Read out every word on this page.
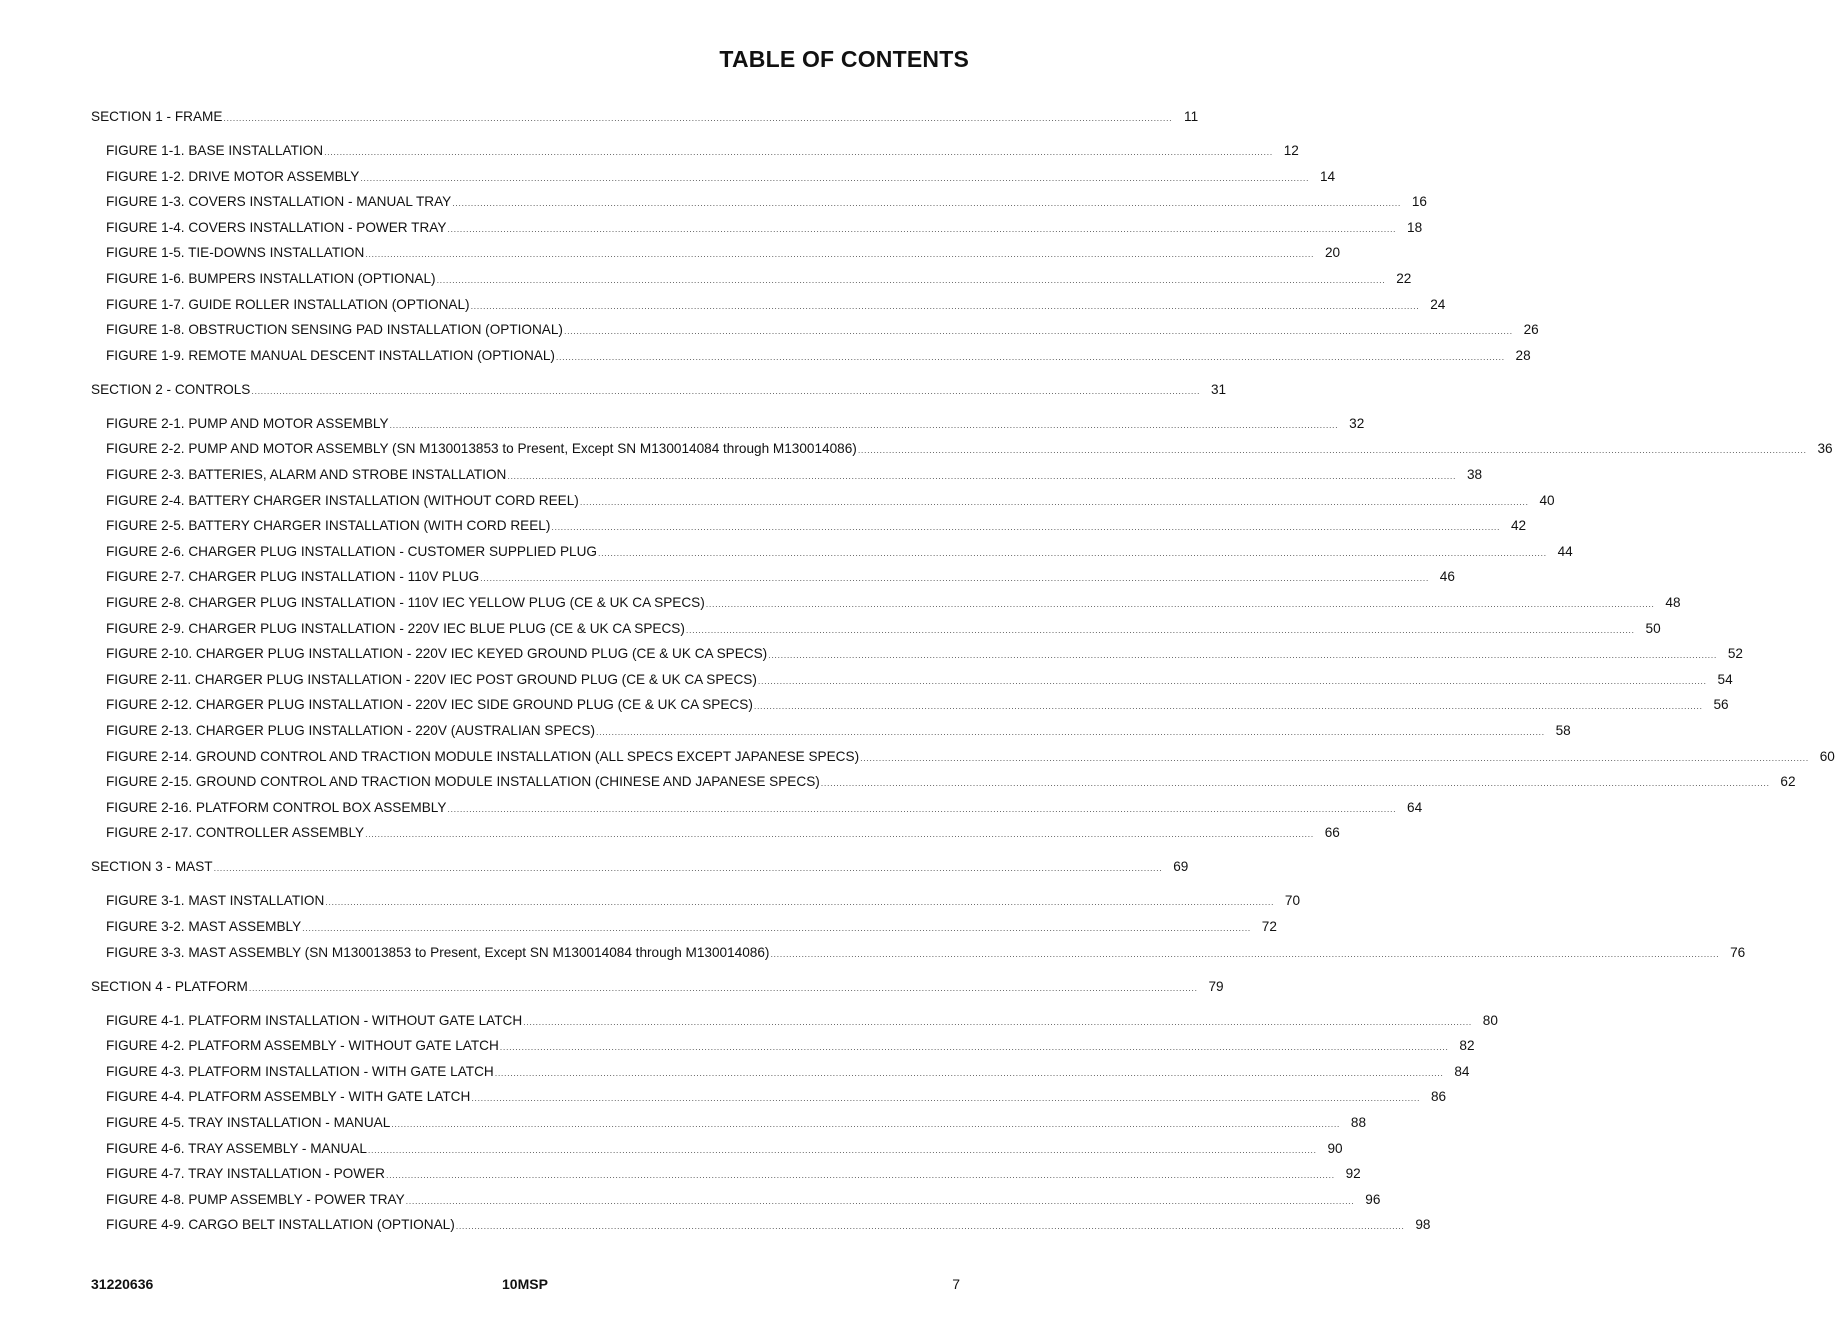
TABLE OF CONTENTS
SECTION 1 - FRAME .....	11
FIGURE 1-1. BASE INSTALLATION .....	12
FIGURE 1-2. DRIVE MOTOR ASSEMBLY .....	14
FIGURE 1-3. COVERS INSTALLATION - MANUAL TRAY .....	16
FIGURE 1-4. COVERS INSTALLATION - POWER TRAY .....	18
FIGURE 1-5. TIE-DOWNS INSTALLATION .....	20
FIGURE 1-6. BUMPERS INSTALLATION (OPTIONAL) .....	22
FIGURE 1-7. GUIDE ROLLER INSTALLATION (OPTIONAL) .....	24
FIGURE 1-8. OBSTRUCTION SENSING PAD INSTALLATION (OPTIONAL) .....	26
FIGURE 1-9. REMOTE MANUAL DESCENT INSTALLATION (OPTIONAL) .....	28
SECTION 2 - CONTROLS .....	31
FIGURE 2-1. PUMP AND MOTOR ASSEMBLY .....	32
FIGURE 2-2. PUMP AND MOTOR ASSEMBLY (SN M130013853 to Present, Except SN M130014084 through M130014086) .....	36
FIGURE 2-3. BATTERIES, ALARM AND STROBE INSTALLATION .....	38
FIGURE 2-4. BATTERY CHARGER INSTALLATION (WITHOUT CORD REEL) .....	40
FIGURE 2-5. BATTERY CHARGER INSTALLATION (WITH CORD REEL) .....	42
FIGURE 2-6. CHARGER PLUG INSTALLATION - CUSTOMER SUPPLIED PLUG .....	44
FIGURE 2-7. CHARGER PLUG INSTALLATION - 110V PLUG .....	46
FIGURE 2-8. CHARGER PLUG INSTALLATION - 110V IEC YELLOW PLUG (CE & UK CA SPECS) .....	48
FIGURE 2-9. CHARGER PLUG INSTALLATION - 220V IEC BLUE PLUG (CE & UK CA SPECS) .....	50
FIGURE 2-10. CHARGER PLUG INSTALLATION - 220V IEC KEYED GROUND PLUG (CE & UK CA SPECS) .....	52
FIGURE 2-11. CHARGER PLUG INSTALLATION - 220V IEC POST GROUND PLUG (CE & UK CA SPECS) .....	54
FIGURE 2-12. CHARGER PLUG INSTALLATION - 220V IEC SIDE GROUND PLUG (CE & UK CA SPECS) .....	56
FIGURE 2-13. CHARGER PLUG INSTALLATION - 220V (AUSTRALIAN SPECS) .....	58
FIGURE 2-14. GROUND CONTROL AND TRACTION MODULE INSTALLATION (ALL SPECS EXCEPT JAPANESE SPECS) .....	60
FIGURE 2-15. GROUND CONTROL AND TRACTION MODULE INSTALLATION (CHINESE AND JAPANESE SPECS) .....	62
FIGURE 2-16. PLATFORM CONTROL BOX ASSEMBLY .....	64
FIGURE 2-17. CONTROLLER ASSEMBLY .....	66
SECTION 3 - MAST .....	69
FIGURE 3-1. MAST INSTALLATION .....	70
FIGURE 3-2. MAST ASSEMBLY .....	72
FIGURE 3-3. MAST ASSEMBLY (SN M130013853 to Present, Except SN M130014084 through M130014086) .....	76
SECTION 4 - PLATFORM .....	79
FIGURE 4-1. PLATFORM INSTALLATION - WITHOUT GATE LATCH .....	80
FIGURE 4-2. PLATFORM ASSEMBLY - WITHOUT GATE LATCH .....	82
FIGURE 4-3. PLATFORM INSTALLATION - WITH GATE LATCH .....	84
FIGURE 4-4. PLATFORM ASSEMBLY - WITH GATE LATCH .....	86
FIGURE 4-5. TRAY INSTALLATION - MANUAL .....	88
FIGURE 4-6. TRAY ASSEMBLY - MANUAL .....	90
FIGURE 4-7. TRAY INSTALLATION - POWER .....	92
FIGURE 4-8. PUMP ASSEMBLY - POWER TRAY .....	96
FIGURE 4-9. CARGO BELT INSTALLATION (OPTIONAL) .....	98
31220636	10MSP	7
